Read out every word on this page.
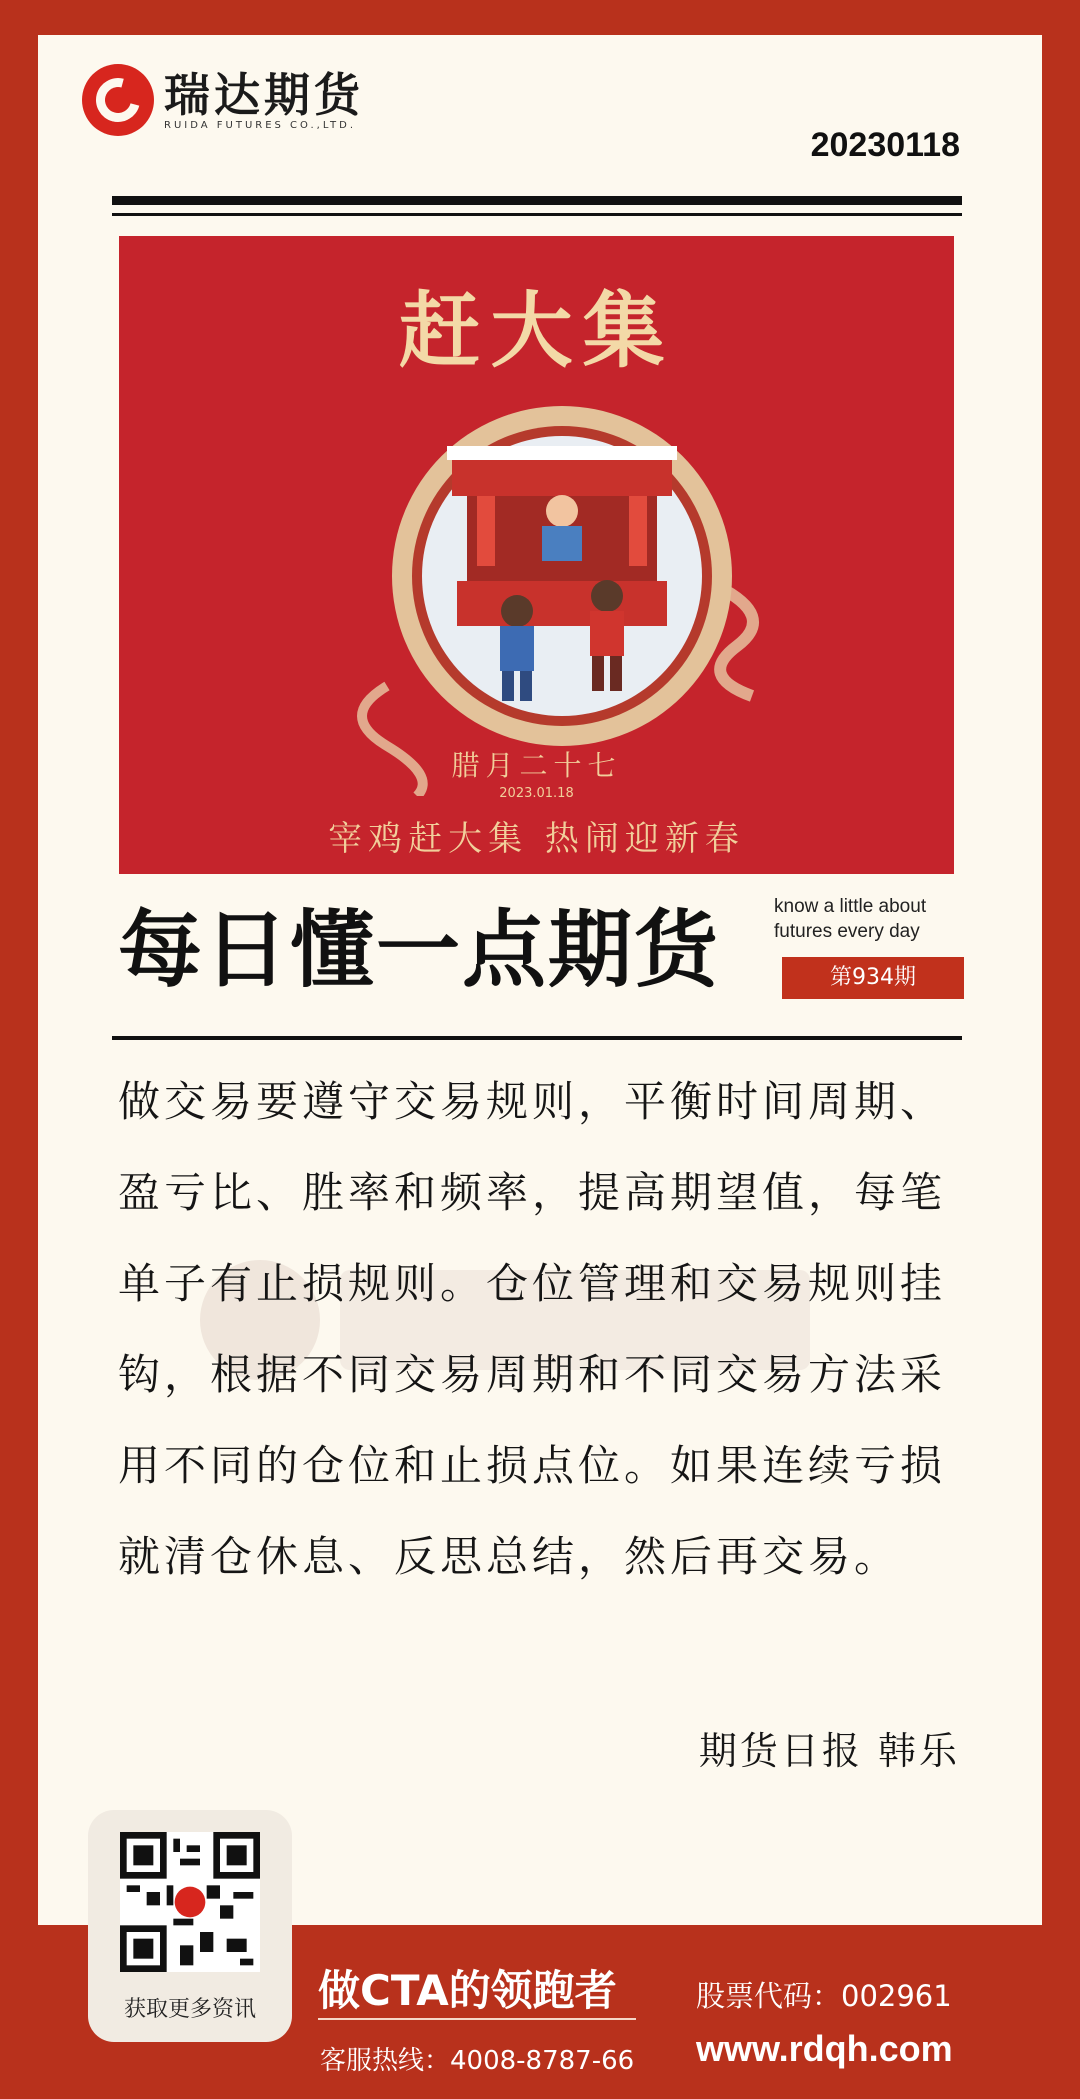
瑞达期货
RUIDA FUTURES CO.,LTD.
20230118
赶大集
腊月二十七
2023.01.18
宰鸡赶大集 热闹迎新春
每日懂一点期货	know a little about futures every day
第934期
做交易要遵守交易规则，平衡时间周期、盈亏比、胜率和频率，提高期望值，每笔单子有止损规则。仓位管理和交易规则挂钩，根据不同交易周期和不同交易方法采用不同的仓位和止损点位。如果连续亏损就清仓休息、反思总结，然后再交易。
期货日报 韩乐
获取更多资讯	做CTA的领跑者
客服热线：4008-8787-66
股票代码：002961
www.rdqh.com
